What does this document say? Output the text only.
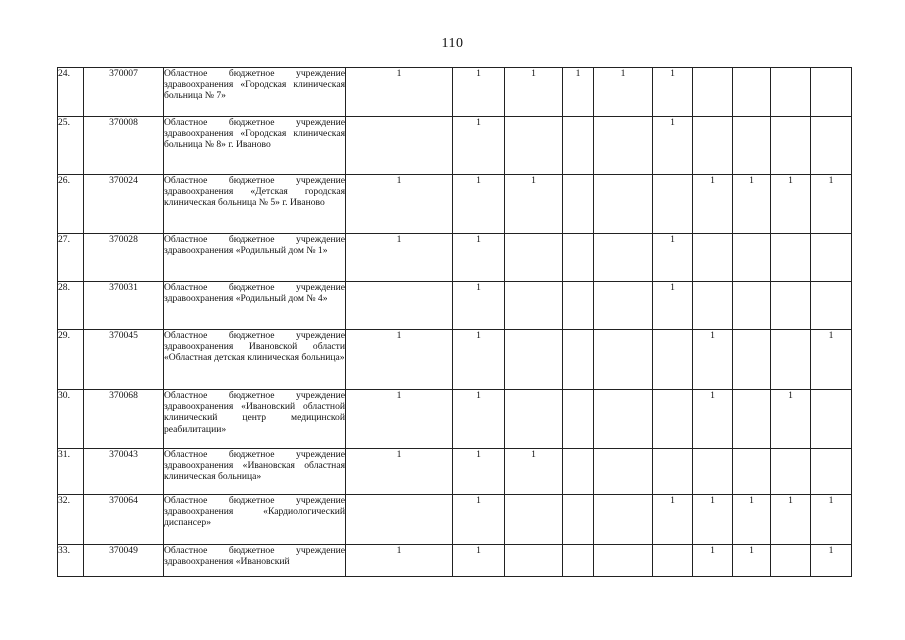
110
24.	370007	Областное бюджетное учреждение здравоохранения «Городская клиническая больница № 7»	1	1	1	1	1	1				
25.	370008	Областное бюджетное учреждение здравоохранения «Городская клиническая больница № 8» г. Иваново		1				1				
26.	370024	Областное бюджетное учреждение здравоохранения «Детская городская клиническая больница № 5» г. Иваново	1	1	1				1	1	1	1
27.	370028	Областное бюджетное учреждение здравоохранения «Родильный дом № 1»	1	1				1				
28.	370031	Областное бюджетное учреждение здравоохранения «Родильный дом № 4»		1				1				
29.	370045	Областное бюджетное учреждение здравоохранения Ивановской области «Областная детская клиническая больница»	1	1					1			1
30.	370068	Областное бюджетное учреждение здравоохранения «Ивановский областной клинический центр медицинской реабилитации»	1	1					1		1	
31.	370043	Областное бюджетное учреждение здравоохранения «Ивановская областная клиническая больница»	1	1	1							
32.	370064	Областное бюджетное учреждение здравоохранения «Кардиологический диспансер»		1				1	1	1	1	1
33.	370049	Областное бюджетное учреждение здравоохранения «Ивановский	1	1					1	1		1
